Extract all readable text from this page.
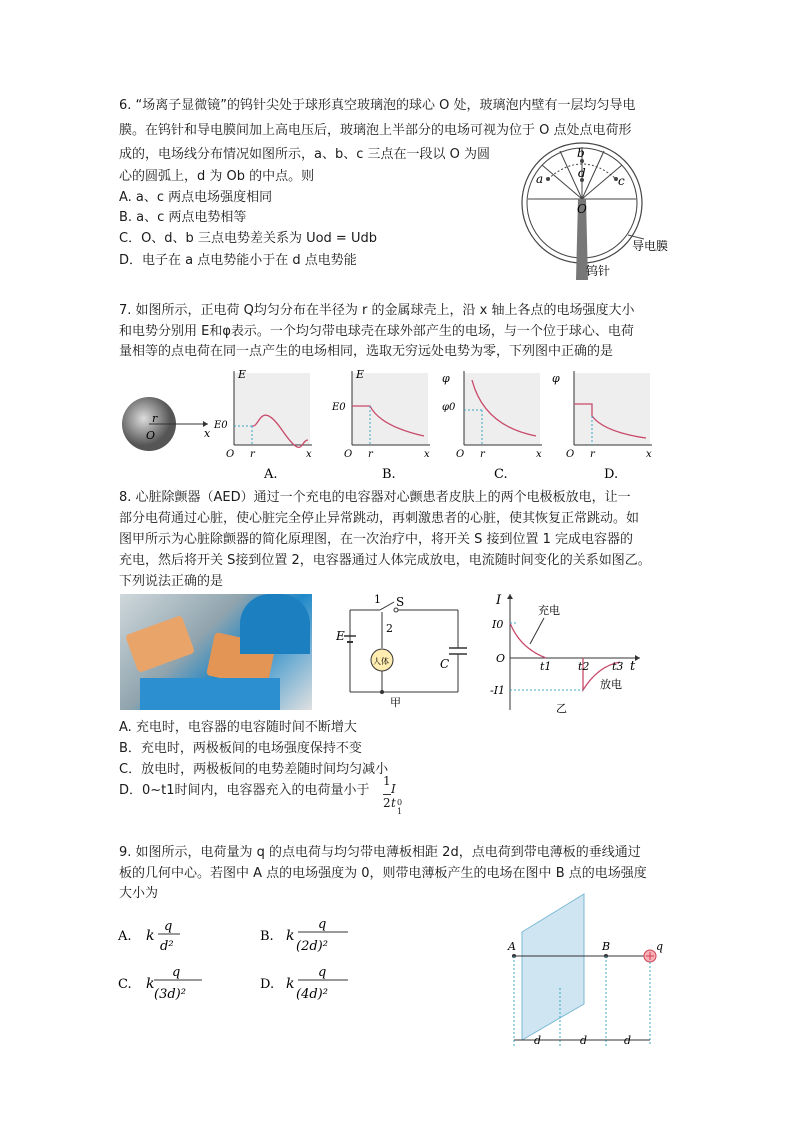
6. “场离子显微镜”的钨针尖处于球形真空玻璃泡的球心 O 处，玻璃泡内壁有一层均匀导电
膜。在钨针和导电膜间加上高电压后，玻璃泡上半部分的电场可视为位于 O 点处点电荷形
成的，电场线分布情况如图所示，a、b、c 三点在一段以 O 为圆
心的圆弧上，d 为 Ob 的中点。则
A. a、c 两点电场强度相同
B. a、c 两点电势相等
C．O、d、b 三点电势差关系为 Uod = Udb
D．电子在 a 点电势能小于在 d 点电势能
a
b
c
d
O
导电膜
钨针
7. 如图所示，正电荷 Q均匀分布在半径为 r 的金属球壳上，沿 x 轴上各点的电场强度大小
和电势分别用 E和φ表示。一个均匀带电球壳在球外部产生的电场，与一个位于球心、电荷
量相等的点电荷在同一点产生的电场相同，选取无穷远处电势为零，下列图中正确的是
r
O	x
E
E0
r
O	x
A.
E
E0
r
O	x
B.
φ
φ0
r
O	x
C.
φ
r
O	x
D.
8. 心脏除颤器（AED）通过一个充电的电容器对心颤患者皮肤上的两个电极板放电，让一
部分电荷通过心脏，使心脏完全停止异常跳动，再刺激患者的心脏，使其恢复正常跳动。如
图甲所示为心脏除颤器的简化原理图，在一次治疗中，将开关 S 接到位置 1 完成电容器的
充电，然后将开关 S接到位置 2，电容器通过人体完成放电，电流随时间变化的关系如图乙。
下列说法正确的是
1 S
2
E
人体	C
甲
I
I0
O
t1 t2 t3 t
-I1
充电
放电
乙
A. 充电时，电容器的电容随时间不断增大
B．充电时，两极板间的电场强度保持不变
C．放电时，两极板间的电势差随时间均匀减小
D．0~t1时间内，电容器充入的电荷量小于
1
I t
2 0 1
9. 如图所示，电荷量为 q 的点电荷与均匀带电薄板相距 2d，点电荷到带电薄板的垂线通过
板的几何中心。若图中 A 点的电场强度为 0，则带电薄板产生的电场在图中 B 点的电场强度
大小为
A. k
q
d²
B. k
q
(2d)²
C. k
q
(3d)²
D. k
q
(4d)²
A	B	q
d	d	d
